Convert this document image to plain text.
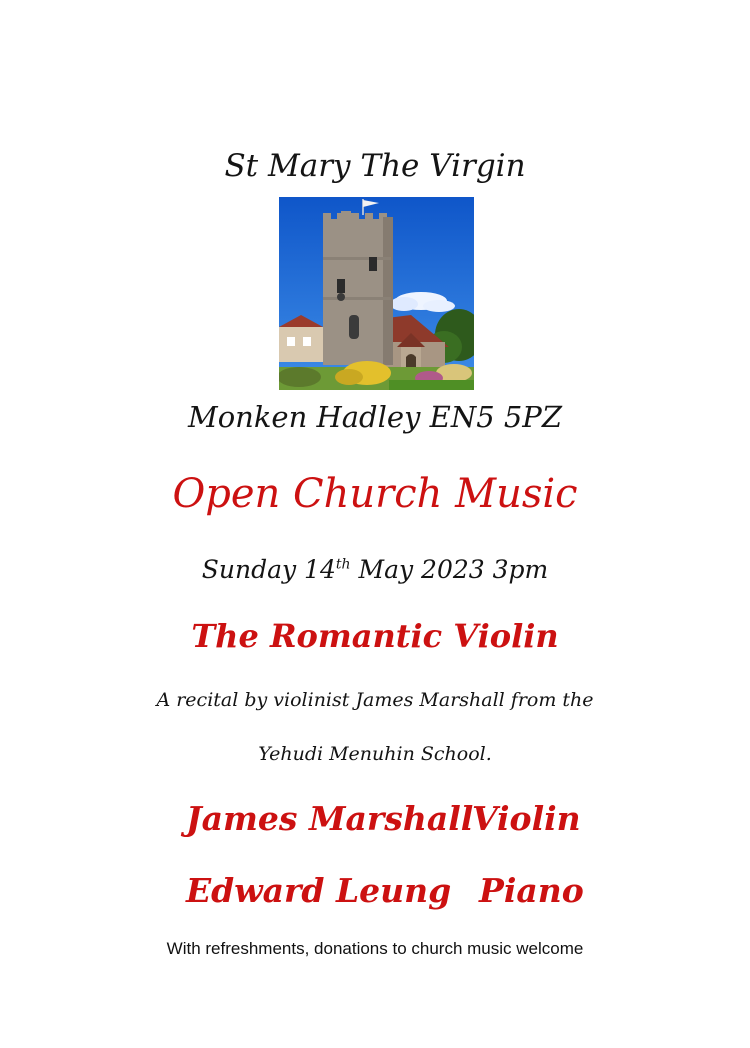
St Mary The Virgin
Monken Hadley EN5 5PZ
Open Church Music
Sunday 14th May 2023 3pm
The Romantic Violin
A recital by violinist James Marshall from the
Yehudi Menuhin School.
James Marshall
Violin
Edward Leung Piano
With refreshments, donations to church music welcome
